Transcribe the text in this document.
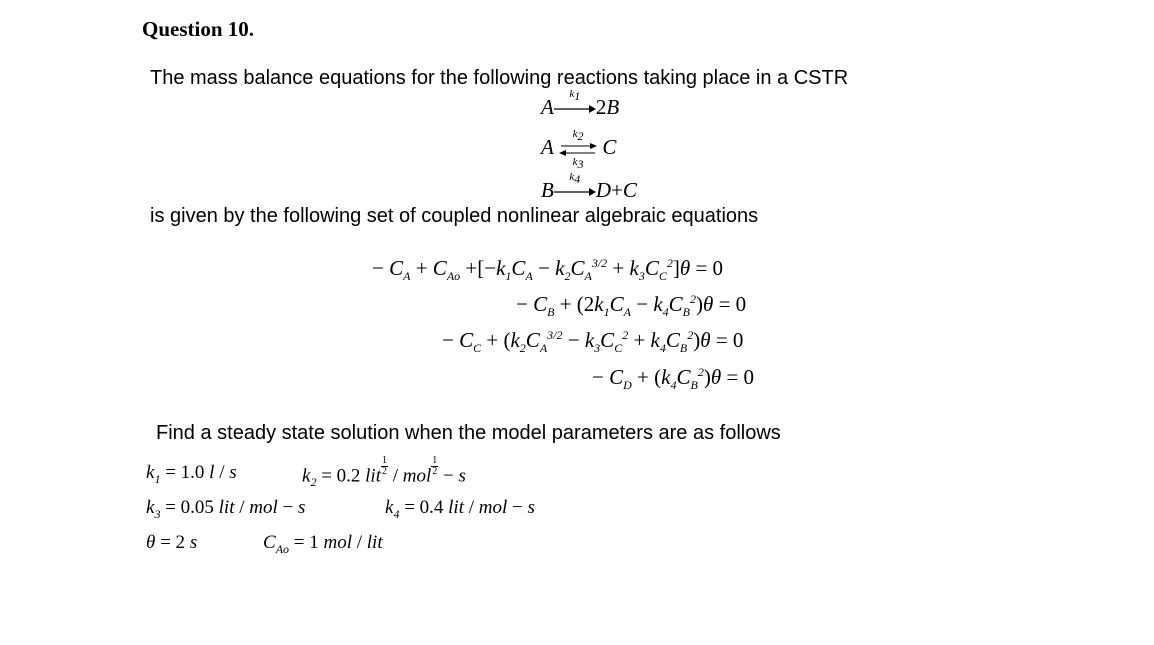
Question 10.
The mass balance equations for the following reactions taking place in a CSTR
A
$k_1$ 2B
A
$k_2$
$k_3$
C
B
$k_4$ D+C
is given by the following set of coupled nonlinear algebraic equations
− $C_A + C_{Ao} +[-k_1C_A - k_2C_A^{3/2} + k_3C_C^2]\theta = 0$
− $C_B + (2k_1C_A - k_4C_B^2)\theta = 0$
− $C_C + (k_2C_A^{3/2} - k_3C_C^2 + k_4C_B^2)\theta = 0$
− $C_D + (k_4C_B^2)\theta = 0$
Find a steady state solution when the model parameters are as follows
$k_1 = 1.0$ l / s	$k_2 = 0.2$ lit $\frac{1}{2}$ / mol $\frac{1}{2} - s$
$k_3 = 0.05$ lit / mol − s	$k_4 = 0.4$ lit / mol − s
θ = 2 s	$C_{Ao} = 1$ mol / lit
